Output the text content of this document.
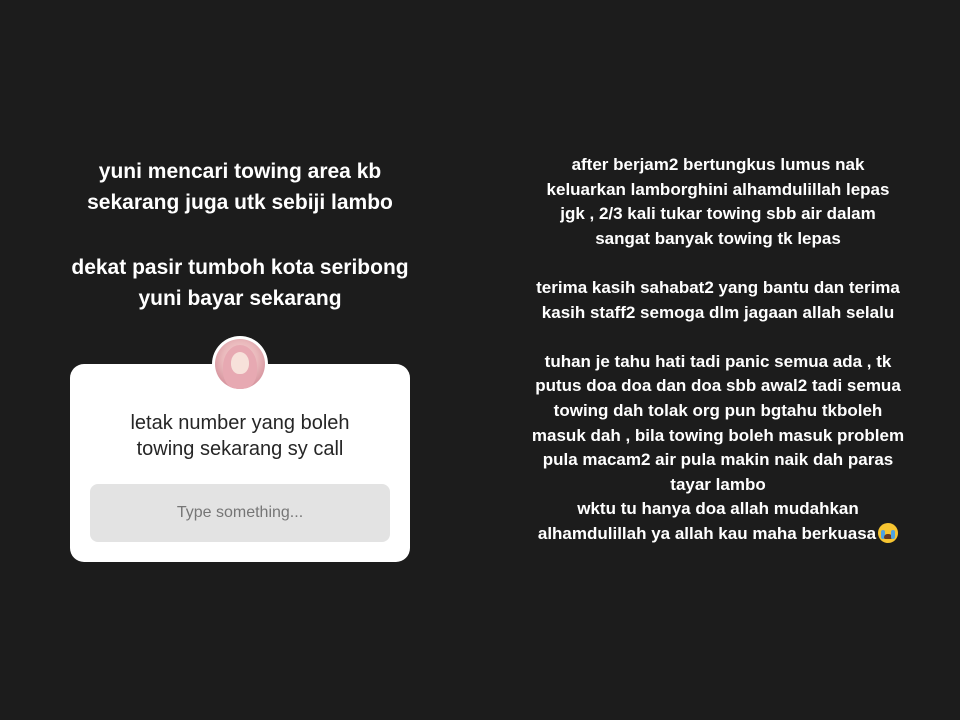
yuni mencari towing area kb
sekarang juga utk sebiji lambo
dekat pasir tumboh kota seribong
yuni bayar sekarang
letak number yang boleh
towing sekarang sy call
Type something...
after berjam2 bertungkus lumus nak
keluarkan lamborghini alhamdulillah lepas
jgk , 2/3 kali tukar towing sbb air dalam
sangat banyak towing tk lepas
terima kasih sahabat2 yang bantu dan terima
kasih staff2 semoga dlm jagaan allah selalu
tuhan je tahu hati tadi panic semua ada , tk
putus doa doa dan doa sbb awal2 tadi semua
towing dah tolak org pun bgtahu tkboleh
masuk dah , bila towing boleh masuk problem
pula macam2 air pula makin naik dah paras
tayar lambo
wktu tu hanya doa allah mudahkan
alhamdulillah ya allah kau maha berkuasa
